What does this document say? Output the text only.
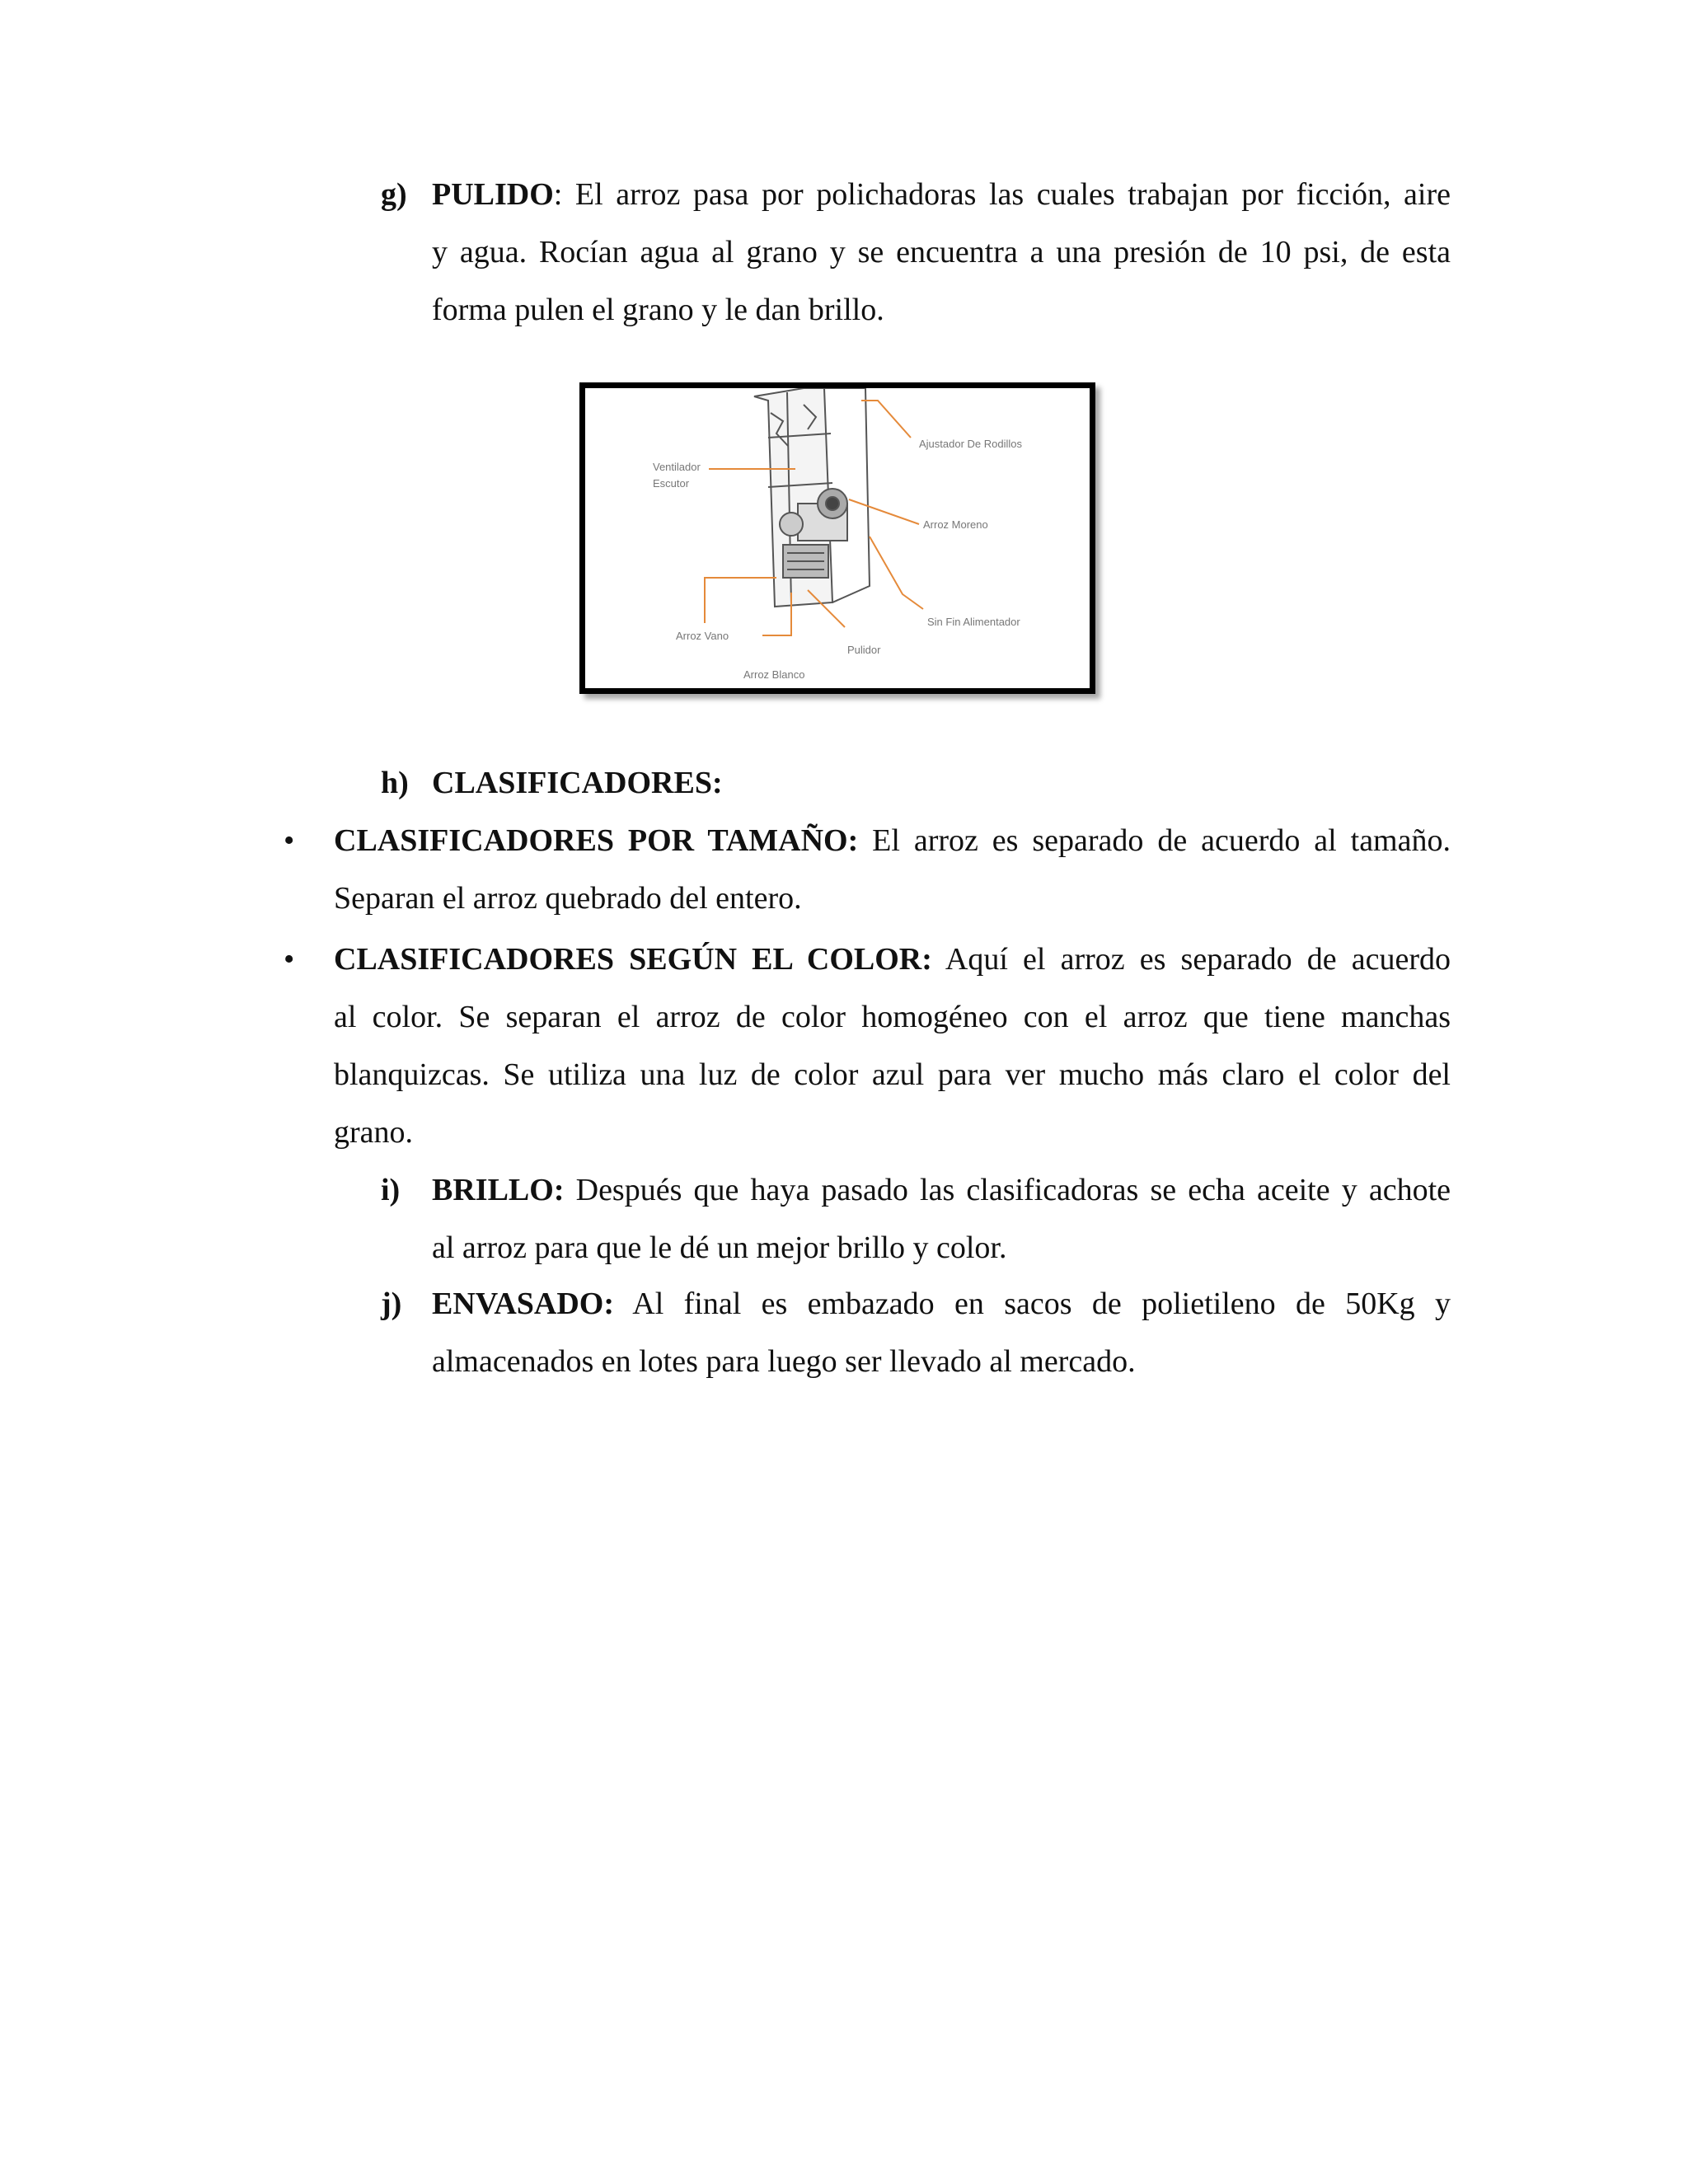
g) PULIDO: El arroz pasa por polichadoras las cuales trabajan por ficción, aire
y agua. Rocían agua al grano y se encuentra a una presión de 10 psi, de esta
forma pulen el grano y le dan brillo.
Ajustador De Rodillos
Ventilador
Escutor
Arroz Moreno
Sin Fin Alimentador
Arroz Vano
Pulidor
Arroz Blanco
h) CLASIFICADORES:
• CLASIFICADORES POR TAMAÑO: El arroz es separado de acuerdo al tamaño.
Separan el arroz quebrado del entero.
• CLASIFICADORES SEGÚN EL COLOR: Aquí el arroz es separado de acuerdo
al color. Se separan el arroz de color homogéneo con el arroz que tiene manchas
blanquizcas. Se utiliza una luz de color azul para ver mucho más claro el color del
grano.
i) BRILLO: Después que haya pasado las clasificadoras se echa aceite y achote
al arroz para que le dé un mejor brillo y color.
j) ENVASADO: Al final es embazado en sacos de polietileno de 50Kg y
almacenados en lotes para luego ser llevado al mercado.
